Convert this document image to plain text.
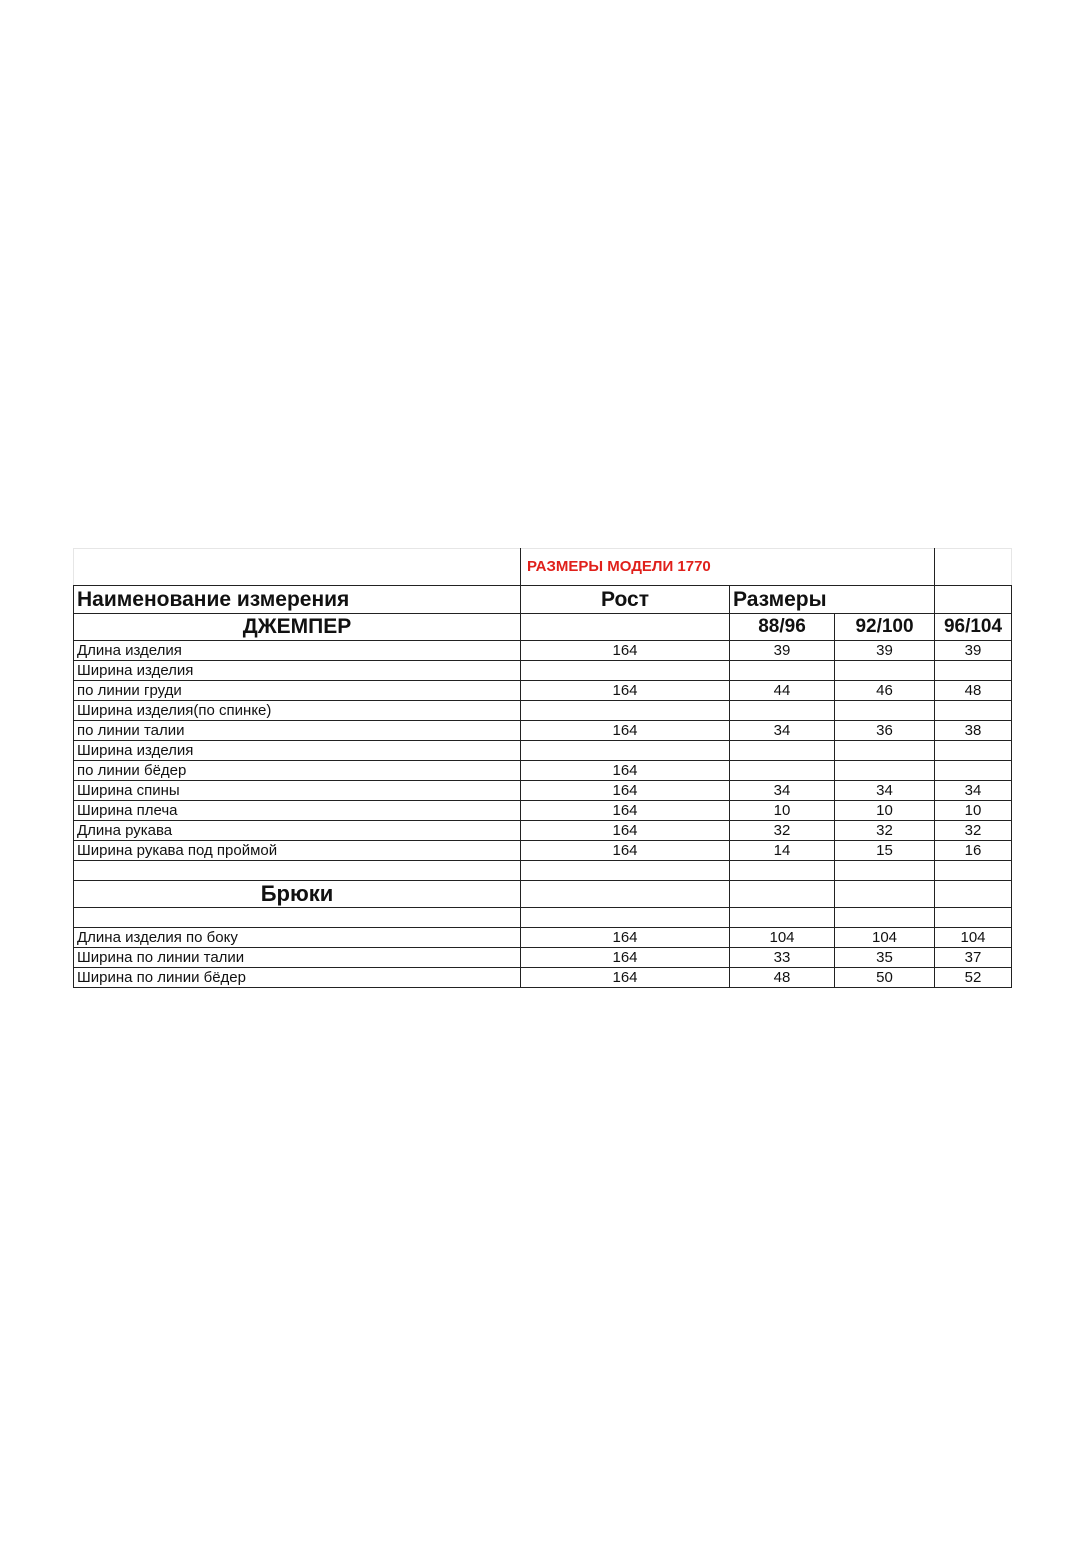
	РАЗМЕРЫ МОДЕЛИ 1770			
Наименование измерения	Рост	Размеры		
ДЖЕМПЕР		88/96	92/100	96/104
Длина изделия	164	39	39	39
Ширина изделия				
по линии груди	164	44	46	48
Ширина изделия(по спинке)				
по линии талии	164	34	36	38
Ширина изделия				
по линии бёдер	164			
Ширина спины	164	34	34	34
Ширина плеча	164	10	10	10
Длина рукава	164	32	32	32
Ширина рукава под проймой	164	14	15	16

Брюки				

Длина изделия по боку	164	104	104	104
Ширина по линии талии	164	33	35	37
Ширина по линии бёдер	164	48	50	52
